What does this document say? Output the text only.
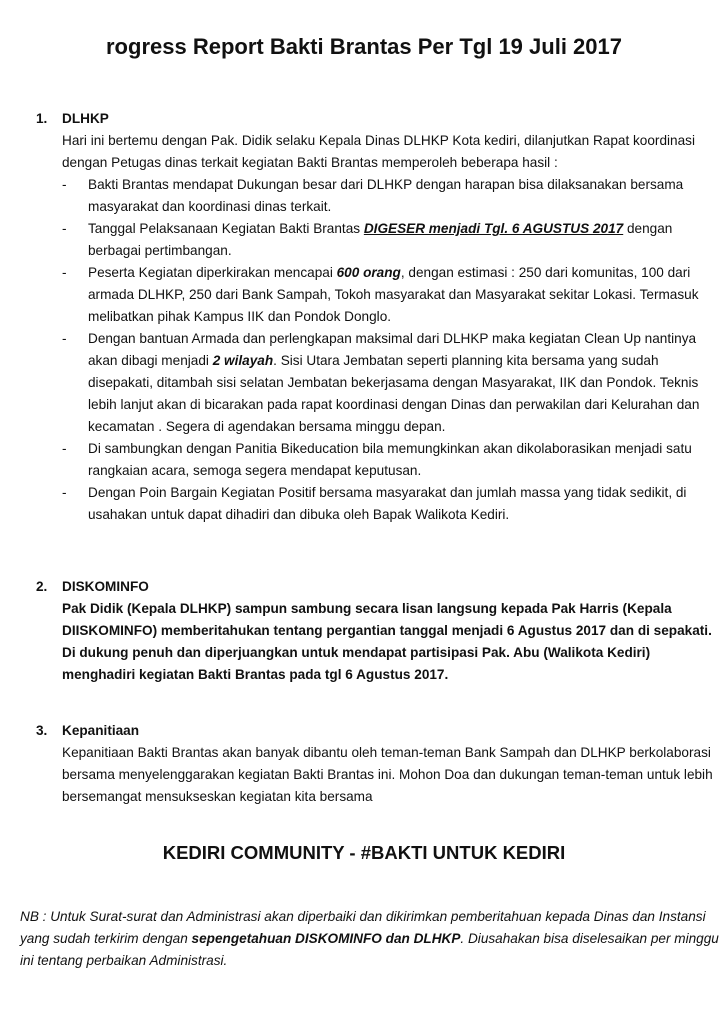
rogress Report Bakti Brantas Per Tgl 19 Juli 2017
1. DLHKP
Hari ini bertemu dengan Pak. Didik selaku Kepala Dinas DLHKP Kota kediri, dilanjutkan Rapat koordinasi dengan Petugas dinas terkait kegiatan Bakti Brantas memperoleh beberapa hasil :
- Bakti Brantas mendapat Dukungan besar dari DLHKP dengan harapan bisa dilaksanakan bersama masyarakat dan koordinasi dinas terkait.
- Tanggal Pelaksanaan Kegiatan Bakti Brantas DIGESER menjadi Tgl. 6 AGUSTUS 2017 dengan berbagai pertimbangan.
- Peserta Kegiatan diperkirakan mencapai 600 orang, dengan estimasi : 250 dari komunitas, 100 dari armada DLHKP, 250 dari Bank Sampah, Tokoh masyarakat dan Masyarakat sekitar Lokasi. Termasuk melibatkan pihak Kampus IIK dan Pondok Donglo.
- Dengan bantuan Armada dan perlengkapan maksimal dari DLHKP maka kegiatan Clean Up nantinya akan dibagi menjadi 2 wilayah. Sisi Utara Jembatan seperti planning kita bersama yang sudah disepakati, ditambah sisi selatan Jembatan bekerjasama dengan Masyarakat, IIK dan Pondok. Teknis lebih lanjut akan di bicarakan pada rapat koordinasi dengan Dinas dan perwakilan dari Kelurahan dan kecamatan . Segera di agendakan bersama minggu depan.
- Di sambungkan dengan Panitia Bikeducation bila memungkinkan akan dikolaborasikan menjadi satu rangkaian acara, semoga segera mendapat keputusan.
- Dengan Poin Bargain Kegiatan Positif bersama masyarakat dan jumlah massa yang tidak sedikit, di usahakan untuk dapat dihadiri dan dibuka oleh Bapak Walikota Kediri.
2. DISKOMINFO
Pak Didik (Kepala DLHKP) sampun sambung secara lisan langsung kepada Pak Harris (Kepala DIISKOMINFO) memberitahukan tentang pergantian tanggal menjadi 6 Agustus 2017 dan di sepakati. Di dukung penuh dan diperjuangkan untuk mendapat partisipasi Pak. Abu (Walikota Kediri) menghadiri kegiatan Bakti Brantas pada tgl 6 Agustus 2017.
3. Kepanitiaan
Kepanitiaan Bakti Brantas akan banyak dibantu oleh teman-teman Bank Sampah dan DLHKP berkolaborasi bersama menyelenggarakan kegiatan Bakti Brantas ini. Mohon Doa dan dukungan teman-teman untuk lebih bersemangat mensukseskan kegiatan kita bersama
KEDIRI COMMUNITY - #BAKTI UNTUK KEDIRI
NB : Untuk Surat-surat dan Administrasi akan diperbaiki dan dikirimkan pemberitahuan kepada Dinas dan Instansi yang sudah terkirim dengan sepengetahuan DISKOMINFO dan DLHKP. Diusahakan bisa diselesaikan per minggu ini tentang perbaikan Administrasi.
